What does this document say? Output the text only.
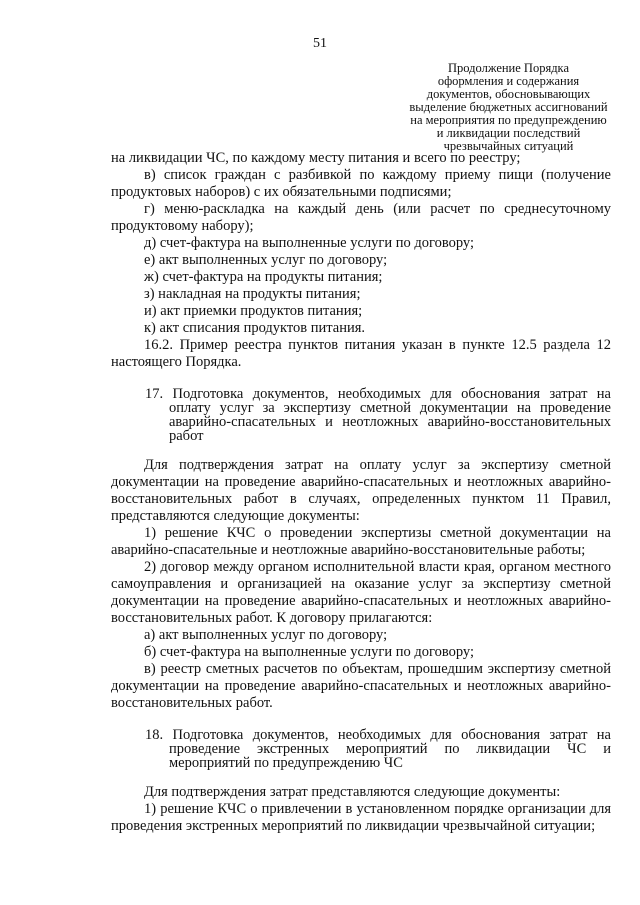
51
Продолжение Порядка
оформления и содержания
документов, обосновывающих
выделение бюджетных ассигнований
на мероприятия по предупреждению
и ликвидации последствий
чрезвычайных ситуаций

на ликвидации ЧС, по каждому месту питания и всего по реестру;

в) список граждан с разбивкой по каждому приему пищи (получение продуктовых наборов) с их обязательными подписями;

г) меню-раскладка на каждый день (или расчет по среднесуточному продуктовому набору);

д) счет-фактура на выполненные услуги по договору;

е) акт выполненных услуг по договору;

ж) счет-фактура на продукты питания;

з) накладная на продукты питания;

и) акт приемки продуктов питания;

к) акт списания продуктов питания.

16.2. Пример реестра пунктов питания указан в пункте 12.5 раздела 12 настоящего Порядка.

17. Подготовка документов, необходимых для обоснования затрат на оплату услуг за экспертизу сметной документации на проведение аварийно-спасательных и неотложных аварийно-восстановительных работ

Для подтверждения затрат на оплату услуг за экспертизу сметной документации на проведение аварийно-спасательных и неотложных аварийно-восстановительных работ в случаях, определенных пунктом 11 Правил, представляются следующие документы:

1) решение КЧС о проведении экспертизы сметной документации на аварийно-спасательные и неотложные аварийно-восстановительные работы;

2) договор между органом исполнительной власти края, органом местного самоуправления и организацией на оказание услуг за экспертизу сметной документации на проведение аварийно-спасательных и неотложных аварийно-восстановительных работ. К договору прилагаются:

а) акт выполненных услуг по договору;

б) счет-фактура на выполненные услуги по договору;

в) реестр сметных расчетов по объектам, прошедшим экспертизу сметной документации на проведение аварийно-спасательных и неотложных аварийно-восстановительных работ.

18. Подготовка документов, необходимых для обоснования затрат на проведение экстренных мероприятий по ликвидации ЧС и мероприятий по предупреждению ЧС

Для подтверждения затрат представляются следующие документы:

1) решение КЧС о привлечении в установленном порядке организации для проведения экстренных мероприятий по ликвидации чрезвычайной ситуации;
